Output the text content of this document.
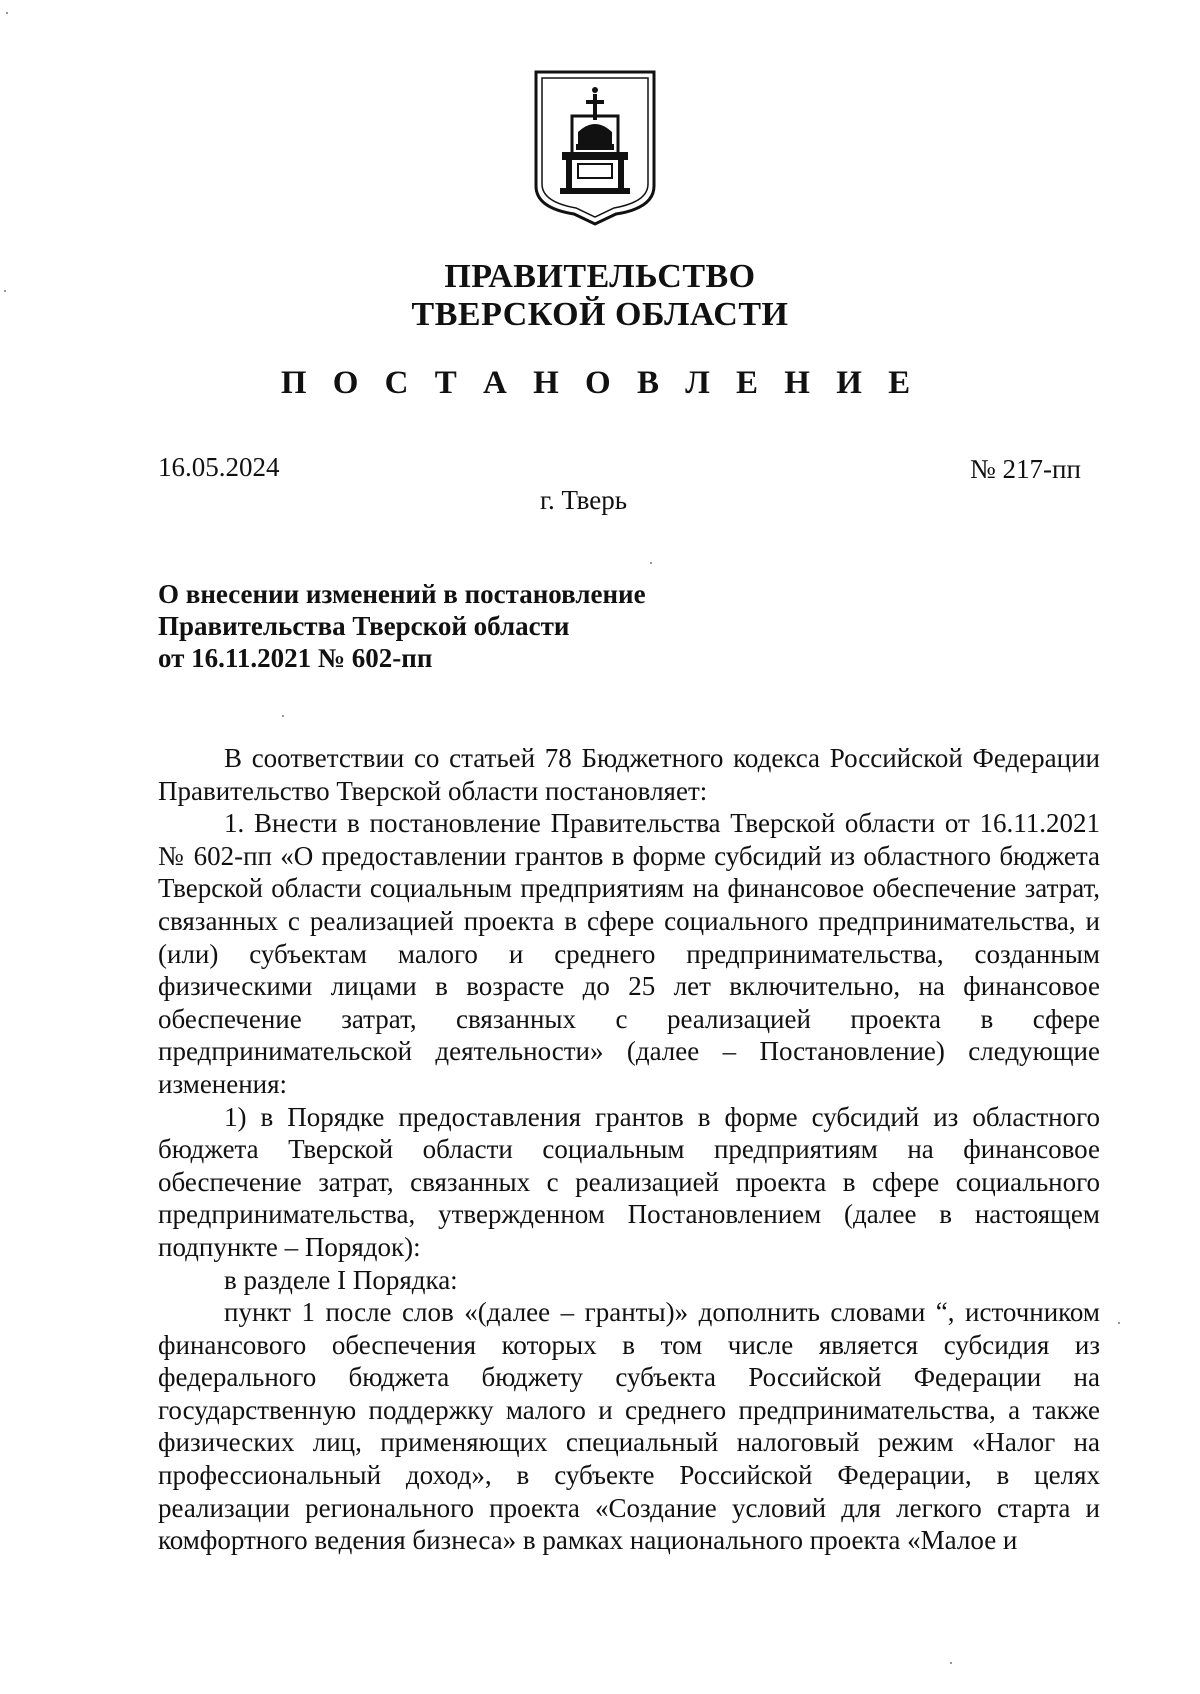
ПРАВИТЕЛЬСТВО
ТВЕРСКОЙ ОБЛАСТИ
П О С Т А Н О В Л Е Н И Е
16.05.2024	№ 217-пп
г. Тверь
О внесении изменений в постановление
Правительства Тверской области
от 16.11.2021 № 602-пп

В соответствии со статьей 78 Бюджетного кодекса Российской Федерации Правительство Тверской области постановляет:

1. Внести в постановление Правительства Тверской области от 16.11.2021 № 602-пп «О предоставлении грантов в форме субсидий из областного бюджета Тверской области социальным предприятиям на финансовое обеспечение затрат, связанных с реализацией проекта в сфере социального предпринимательства, и (или) субъектам малого и среднего предпринимательства, созданным физическими лицами в возрасте до 25 лет включительно, на финансовое обеспечение затрат, связанных с реализацией проекта в сфере предпринимательской деятельности» (далее – Постановление) следующие изменения:

1) в Порядке предоставления грантов в форме субсидий из областного бюджета Тверской области социальным предприятиям на финансовое обеспечение затрат, связанных с реализацией проекта в сфере социального предпринимательства, утвержденном Постановлением (далее в настоящем подпункте – Порядок):

в разделе I Порядка:

пункт 1 после слов «(далее – гранты)» дополнить словами “, источником финансового обеспечения которых в том числе является субсидия из федерального бюджета бюджету субъекта Российской Федерации на государственную поддержку малого и среднего предпринимательства, а также физических лиц, применяющих специальный налоговый режим «Налог на профессиональный доход», в субъекте Российской Федерации, в целях реализации регионального проекта «Создание условий для легкого старта и комфортного ведения бизнеса» в рамках национального проекта «Малое и
